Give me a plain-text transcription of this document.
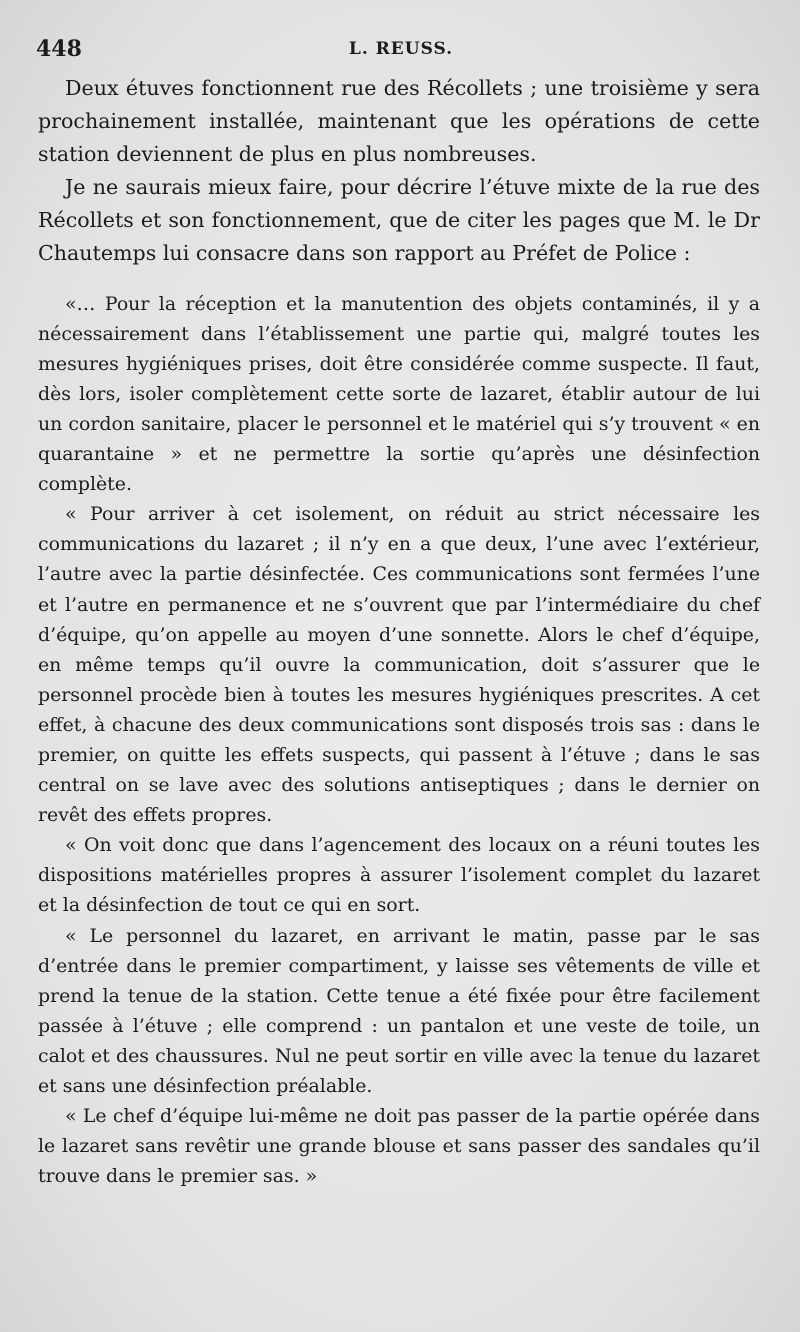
448	L. REUSS.

Deux étuves fonctionnent rue des Récollets ; une troisième y sera prochainement installée, maintenant que les opérations de cette station deviennent de plus en plus nombreuses.

Je ne saurais mieux faire, pour décrire l’étuve mixte de la rue des Récollets et son fonctionnement, que de citer les pages que M. le Dr Chautemps lui consacre dans son rapport au Préfet de Police :

«… Pour la réception et la manutention des objets contaminés, il y a nécessairement dans l’établissement une partie qui, malgré toutes les mesures hygiéniques prises, doit être considérée comme suspecte. Il faut, dès lors, isoler complètement cette sorte de lazaret, établir autour de lui un cordon sanitaire, placer le personnel et le matériel qui s’y trouvent « en quarantaine » et ne permettre la sortie qu’après une désinfection complète.

« Pour arriver à cet isolement, on réduit au strict nécessaire les communications du lazaret ; il n’y en a que deux, l’une avec l’extérieur, l’autre avec la partie désinfectée. Ces communications sont fermées l’une et l’autre en permanence et ne s’ouvrent que par l’intermédiaire du chef d’équipe, qu’on appelle au moyen d’une sonnette. Alors le chef d’équipe, en même temps qu’il ouvre la communication, doit s’assurer que le personnel procède bien à toutes les mesures hygiéniques prescrites. A cet effet, à chacune des deux communications sont disposés trois sas : dans le premier, on quitte les effets suspects, qui passent à l’étuve ; dans le sas central on se lave avec des solutions antiseptiques ; dans le dernier on revêt des effets propres.

« On voit donc que dans l’agencement des locaux on a réuni toutes les dispositions matérielles propres à assurer l’isolement complet du lazaret et la désinfection de tout ce qui en sort.

« Le personnel du lazaret, en arrivant le matin, passe par le sas d’entrée dans le premier compartiment, y laisse ses vêtements de ville et prend la tenue de la station. Cette tenue a été fixée pour être facilement passée à l’étuve ; elle comprend : un pantalon et une veste de toile, un calot et des chaussures. Nul ne peut sortir en ville avec la tenue du lazaret et sans une désinfection préalable.

« Le chef d’équipe lui-même ne doit pas passer de la partie opérée dans le lazaret sans revêtir une grande blouse et sans passer des sandales qu’il trouve dans le premier sas. »
